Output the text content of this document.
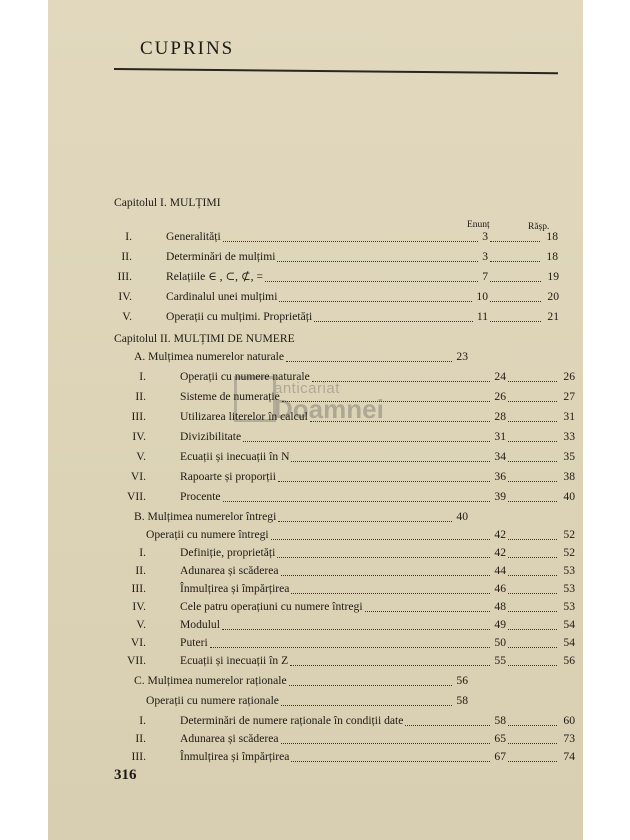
CUPRINS
anticariat
Doamnei
Capitolul I. MULȚIMI
Enunț	Rășp.
Capitolul II. MULȚIMI DE NUMERE
I.	Generalități	3	18
II.	Determinări de mulțimi	3	18
III.	Relațiile ∈ , ⊂, ⊄, =	7	19
IV.	Cardinalul unei mulțimi	10	20
V.	Operații cu mulțimi. Proprietăți	11	21
A. Mulțimea numerelor naturale	23
I.	Operații cu numere naturale	24	26
II.	Sisteme de numerație	26	27
III.	Utilizarea literelor în calcul	28	31
IV.	Divizibilitate	31	33
V.	Ecuații și inecuații în N	34	35
VI.	Rapoarte și proporții	36	38
VII.	Procente	39	40
B. Mulțimea numerelor întregi	40
Operații cu numere întregi	42	52
I.	Definiție, proprietăți	42	52
II.	Adunarea și scăderea	44	53
III.	Înmulțirea și împărțirea	46	53
IV.	Cele patru operațiuni cu numere întregi	48	53
V.	Modulul	49	54
VI.	Puteri	50	54
VII.	Ecuații și inecuații în Z	55	56
C. Mulțimea numerelor raționale	56
Operații cu numere raționale	58
I.	Determinări de numere raționale în condiții date	58	60
II.	Adunarea și scăderea	65	73
III.	Înmulțirea și împărțirea	67	74
316
